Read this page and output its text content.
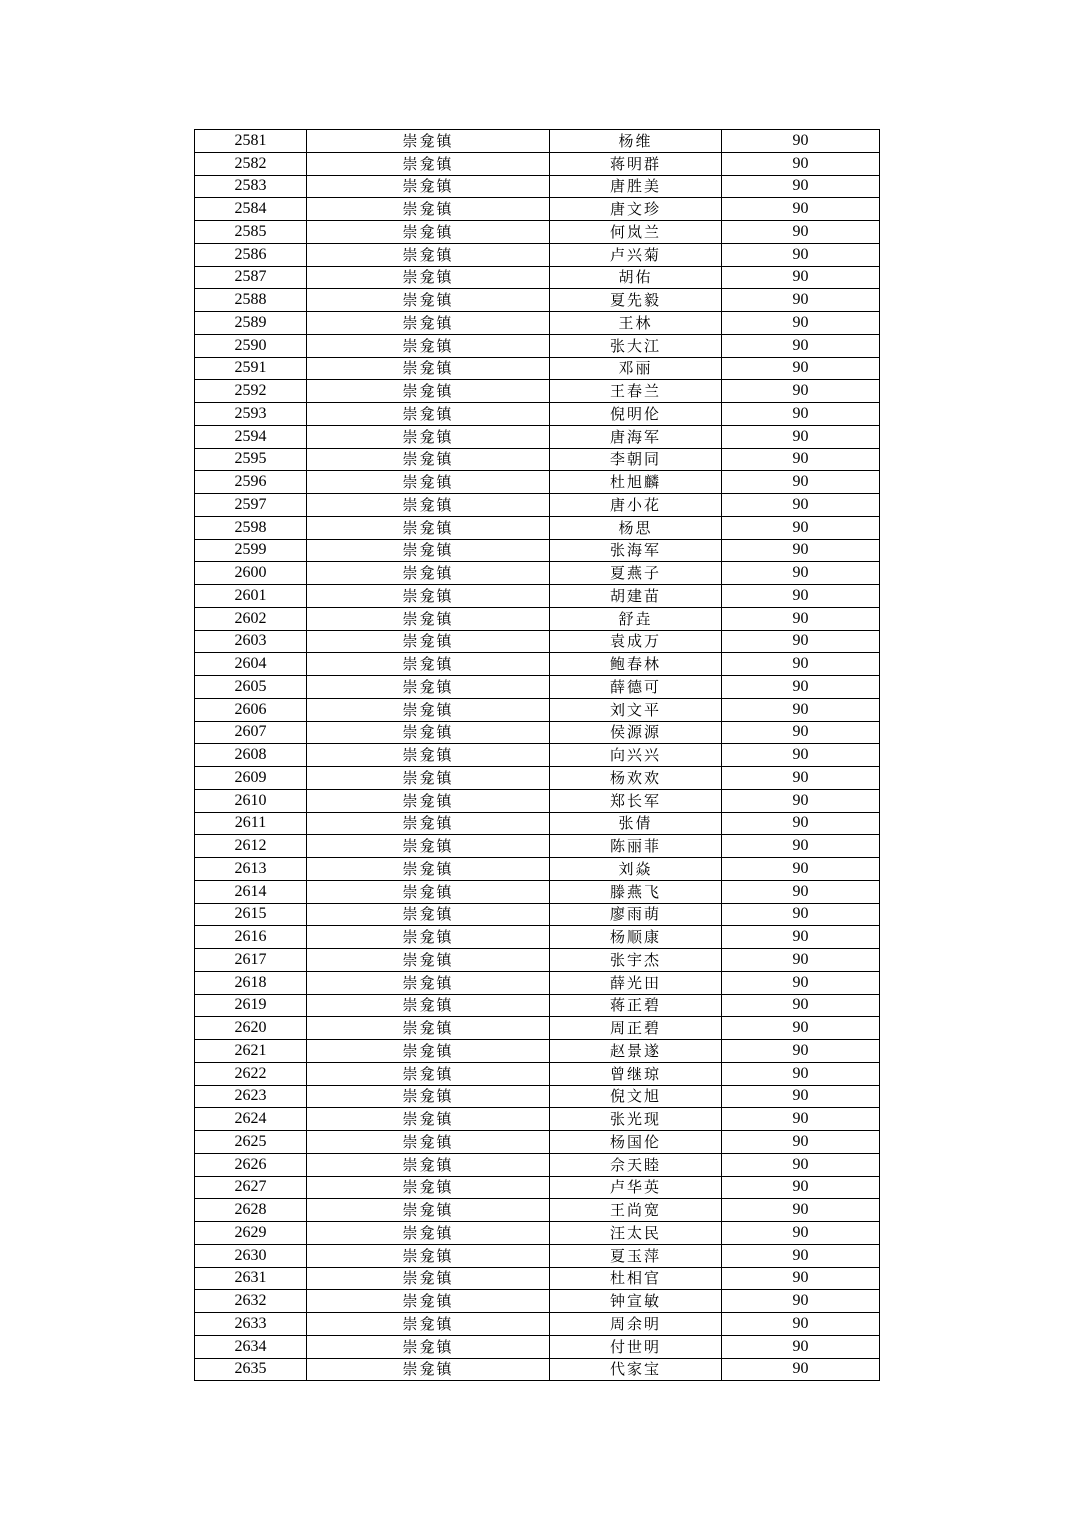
2581	崇龛镇	杨维	90
2582	崇龛镇	蒋明群	90
2583	崇龛镇	唐胜美	90
2584	崇龛镇	唐文珍	90
2585	崇龛镇	何岚兰	90
2586	崇龛镇	卢兴菊	90
2587	崇龛镇	胡佑	90
2588	崇龛镇	夏先毅	90
2589	崇龛镇	王林	90
2590	崇龛镇	张大江	90
2591	崇龛镇	邓丽	90
2592	崇龛镇	王春兰	90
2593	崇龛镇	倪明伦	90
2594	崇龛镇	唐海军	90
2595	崇龛镇	李朝同	90
2596	崇龛镇	杜旭麟	90
2597	崇龛镇	唐小花	90
2598	崇龛镇	杨思	90
2599	崇龛镇	张海军	90
2600	崇龛镇	夏燕子	90
2601	崇龛镇	胡建苗	90
2602	崇龛镇	舒垚	90
2603	崇龛镇	袁成万	90
2604	崇龛镇	鲍春林	90
2605	崇龛镇	薛德可	90
2606	崇龛镇	刘文平	90
2607	崇龛镇	侯源源	90
2608	崇龛镇	向兴兴	90
2609	崇龛镇	杨欢欢	90
2610	崇龛镇	郑长军	90
2611	崇龛镇	张倩	90
2612	崇龛镇	陈丽菲	90
2613	崇龛镇	刘焱	90
2614	崇龛镇	滕燕飞	90
2615	崇龛镇	廖雨萌	90
2616	崇龛镇	杨顺康	90
2617	崇龛镇	张宇杰	90
2618	崇龛镇	薛光田	90
2619	崇龛镇	蒋正碧	90
2620	崇龛镇	周正碧	90
2621	崇龛镇	赵景遂	90
2622	崇龛镇	曾继琼	90
2623	崇龛镇	倪文旭	90
2624	崇龛镇	张光现	90
2625	崇龛镇	杨国伦	90
2626	崇龛镇	佘天睦	90
2627	崇龛镇	卢华英	90
2628	崇龛镇	王尚宽	90
2629	崇龛镇	汪太民	90
2630	崇龛镇	夏玉萍	90
2631	崇龛镇	杜相官	90
2632	崇龛镇	钟宣敏	90
2633	崇龛镇	周余明	90
2634	崇龛镇	付世明	90
2635	崇龛镇	代家宝	90
